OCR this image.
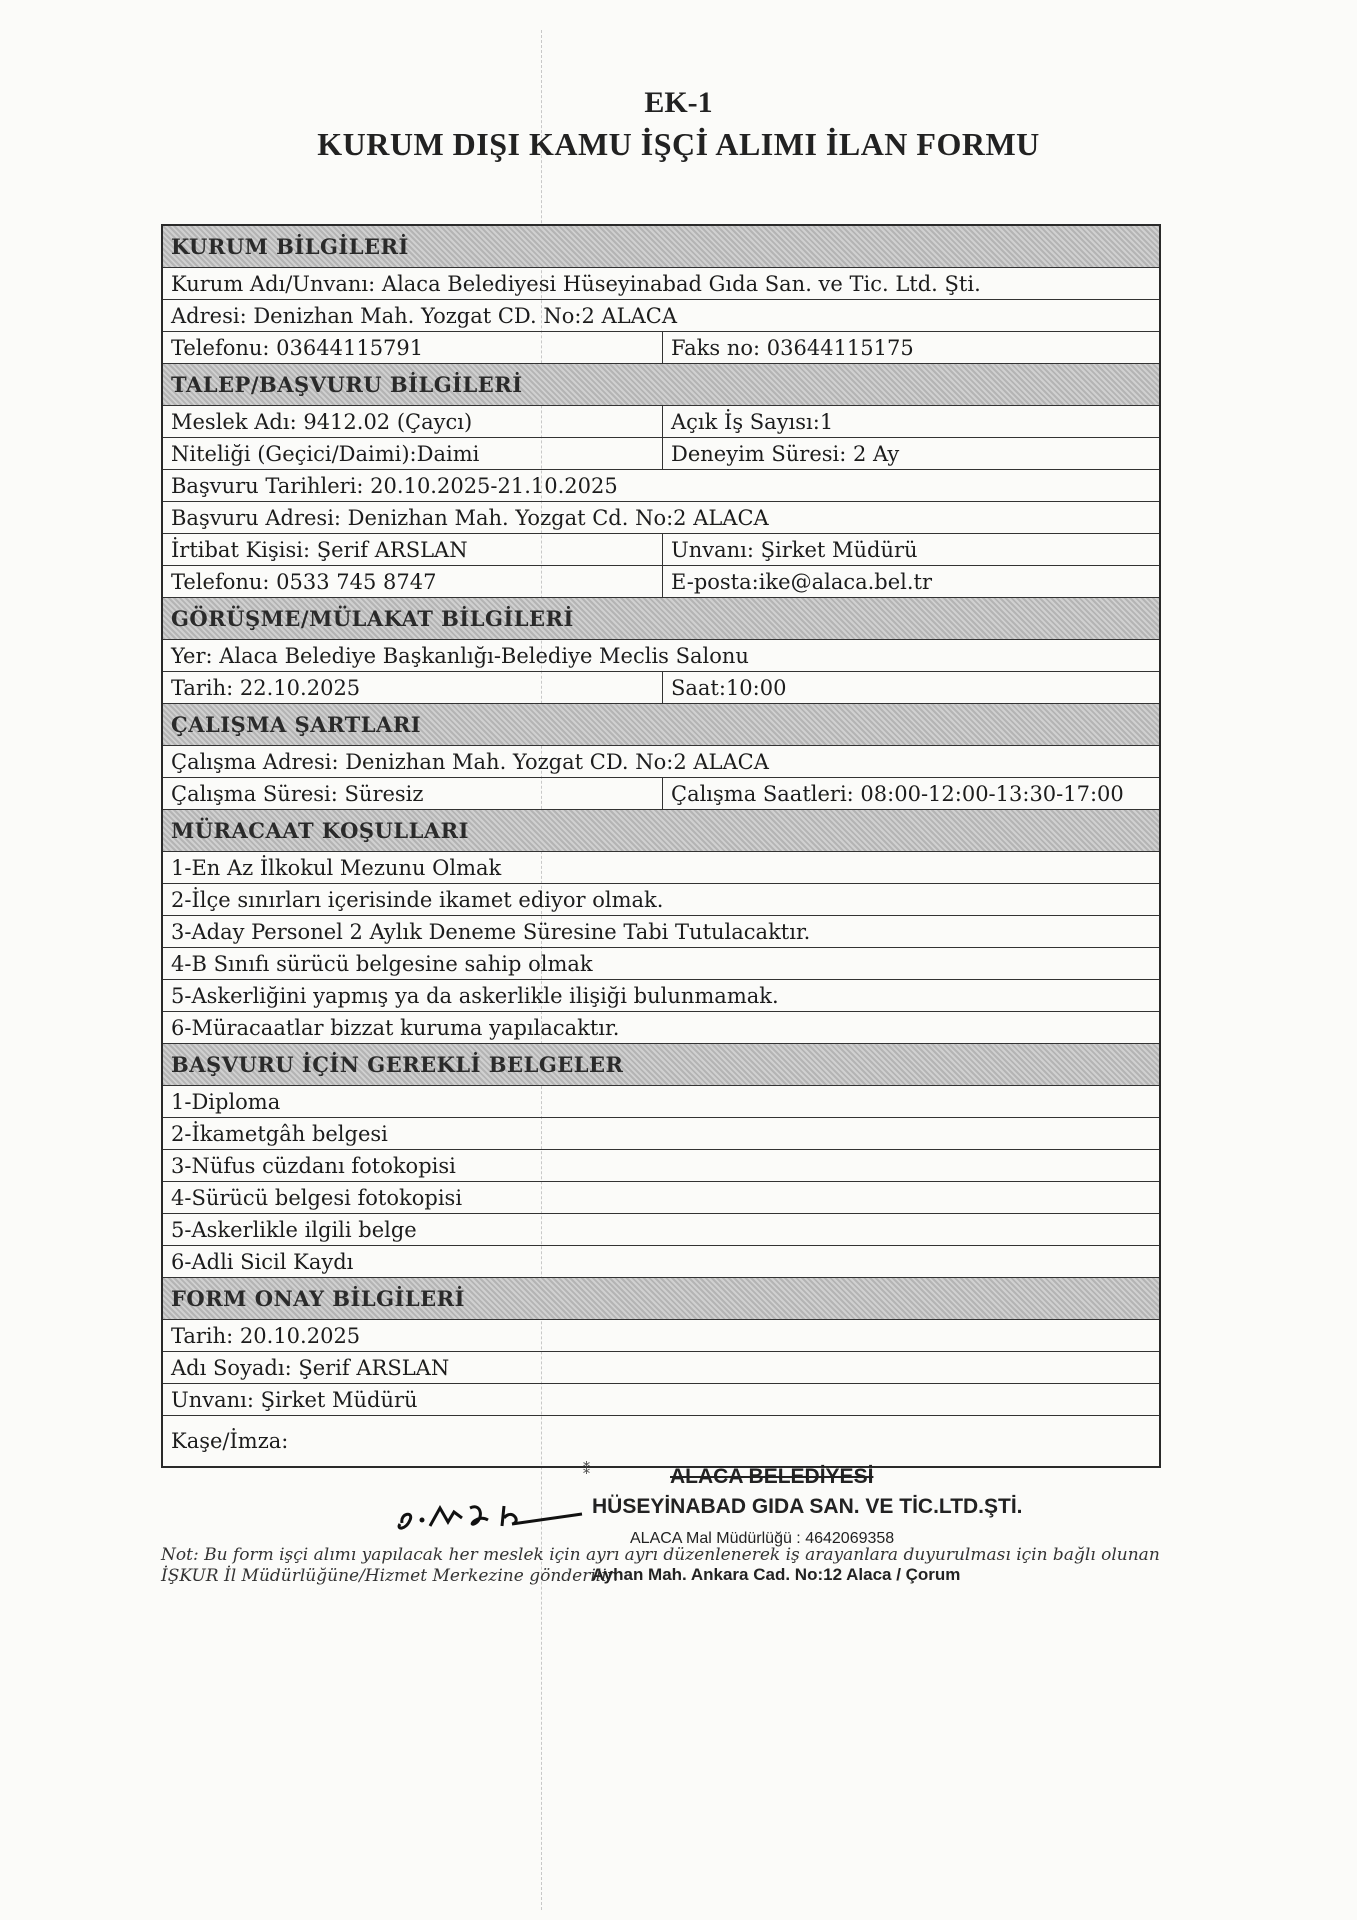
EK-1
KURUM DIŞI KAMU İŞÇİ ALIMI İLAN FORMU
KURUM BİLGİLERİ
Kurum Adı/Unvanı: Alaca Belediyesi Hüseyinabad Gıda San. ve Tic. Ltd. Şti.
Adresi: Denizhan Mah. Yozgat CD. No:2 ALACA
Telefonu: 03644115791	Faks no: 03644115175
TALEP/BAŞVURU BİLGİLERİ
Meslek Adı: 9412.02 (Çaycı)	Açık İş Sayısı:1
Niteliği (Geçici/Daimi):Daimi	Deneyim Süresi: 2 Ay
Başvuru Tarihleri: 20.10.2025-21.10.2025
Başvuru Adresi: Denizhan Mah. Yozgat Cd. No:2 ALACA
İrtibat Kişisi: Şerif ARSLAN	Unvanı: Şirket Müdürü
Telefonu: 0533 745 8747	E-posta:ike@alaca.bel.tr
GÖRÜŞME/MÜLAKAT BİLGİLERİ
Yer: Alaca Belediye Başkanlığı-Belediye Meclis Salonu
Tarih: 22.10.2025	Saat:10:00
ÇALIŞMA ŞARTLARI
Çalışma Adresi: Denizhan Mah. Yozgat CD. No:2 ALACA
Çalışma Süresi: Süresiz	Çalışma Saatleri: 08:00-12:00-13:30-17:00
MÜRACAAT KOŞULLARI
1-En Az İlkokul Mezunu Olmak
2-İlçe sınırları içerisinde ikamet ediyor olmak.
3-Aday Personel 2 Aylık Deneme Süresine Tabi Tutulacaktır.
4-B Sınıfı sürücü belgesine sahip olmak
5-Askerliğini yapmış ya da askerlikle ilişiği bulunmamak.
6-Müracaatlar bizzat kuruma yapılacaktır.
BAŞVURU İÇİN GEREKLİ BELGELER
1-Diploma
2-İkametgâh belgesi
3-Nüfus cüzdanı fotokopisi
4-Sürücü belgesi fotokopisi
5-Askerlikle ilgili belge
6-Adli Sicil Kaydı
FORM ONAY BİLGİLERİ
Tarih: 20.10.2025
Adı Soyadı: Şerif ARSLAN
Unvanı: Şirket Müdürü
Kaşe/İmza:
⁑	ALACA BELEDİYESİ
HÜSEYİNABAD GIDA SAN. VE TİC.LTD.ŞTİ.
Not: Bu form işçi alımı yapılacak her meslek için ayrı ayrı düzenlenerek iş arayanlara duyurulması için bağlı olunan İŞKUR İl Müdürlüğüne/Hizmet Merkezine gönderilir.
ALACA Mal Müdürlüğü : 4642069358
Ayhan Mah. Ankara Cad. No:12 Alaca / Çorum
